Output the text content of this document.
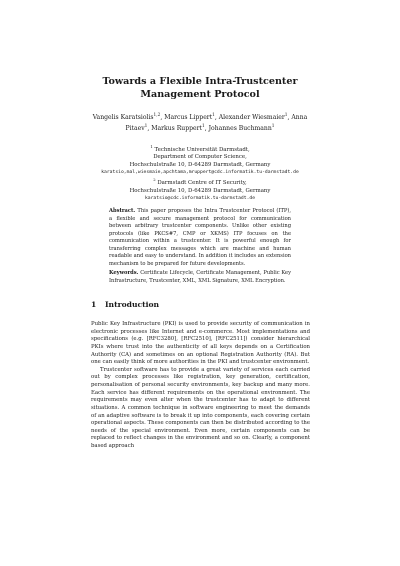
Towards a Flexible Intra-Trustcenter
Management Protocol
Vangelis Karatsiolis$^{1,2}$, Marcus Lippert$^1$, Alexander Wiesmaier$^1$, Anna
Pitaev$^1$, Markus Ruppert$^1$, Johannes Buchmann$^1$
$^1$ Technische Universität Darmstadt,
Department of Computer Science,
Hochschulstraße 10, D-64289 Darmstadt, Germany
karatsio,mal,wiesmaie,apchtama,mruppert@cdc.informatik.tu-darmstadt.de
$^2$ Darmstadt Centre of IT Security,
Hochschulstraße 10, D-64289 Darmstadt, Germany
karatsio@cdc.informatik.tu-darmstadt.de
Abstract. This paper proposes the Intra Trustcenter Protocol (ITP), a flexible and secure management protocol for communication between arbitrary trustcenter components. Unlike other existing protocols (like PKCS#7, CMP or XKMS) ITP focuses on the communication within a trustcenter. It is powerful enough for transferring complex messages which are machine and human readable and easy to understand. In addition it includes an extension mechanism to be prepared for future developments.
Keywords. Certificate Lifecycle, Certificate Management, Public Key Infrastructure, Trustcenter, XML, XML Signature, XML Encryption.
1 Introduction

Public Key Infrastructure (PKI) is used to provide security of communication in electronic processes like Internet and e-commerce. Most implementations and specifications (e.g. [RFC3280], [RFC2510], [RFC2511]) consider hierarchical PKIs where trust into the authenticity of all keys depends on a Certification Authority (CA) and sometimes on an optional Registration Authority (RA). But one can easily think of more authorities in the PKI and trustcenter environment.

Trustcenter software has to provide a great variety of services each carried out by complex processes like registration, key generation, certification, personalisation of personal security environments, key backup and many more. Each service has different requirements on the operational environment. The requirements may even alter when the trustcenter has to adapt to different situations. A common technique in software engineering to meet the demands of an adaptive software is to break it up into components, each covering certain operational aspects. These components can then be distributed according to the needs of the special environment. Even more, certain components can be replaced to reflect changes in the environment and so on. Clearly, a component based approach
